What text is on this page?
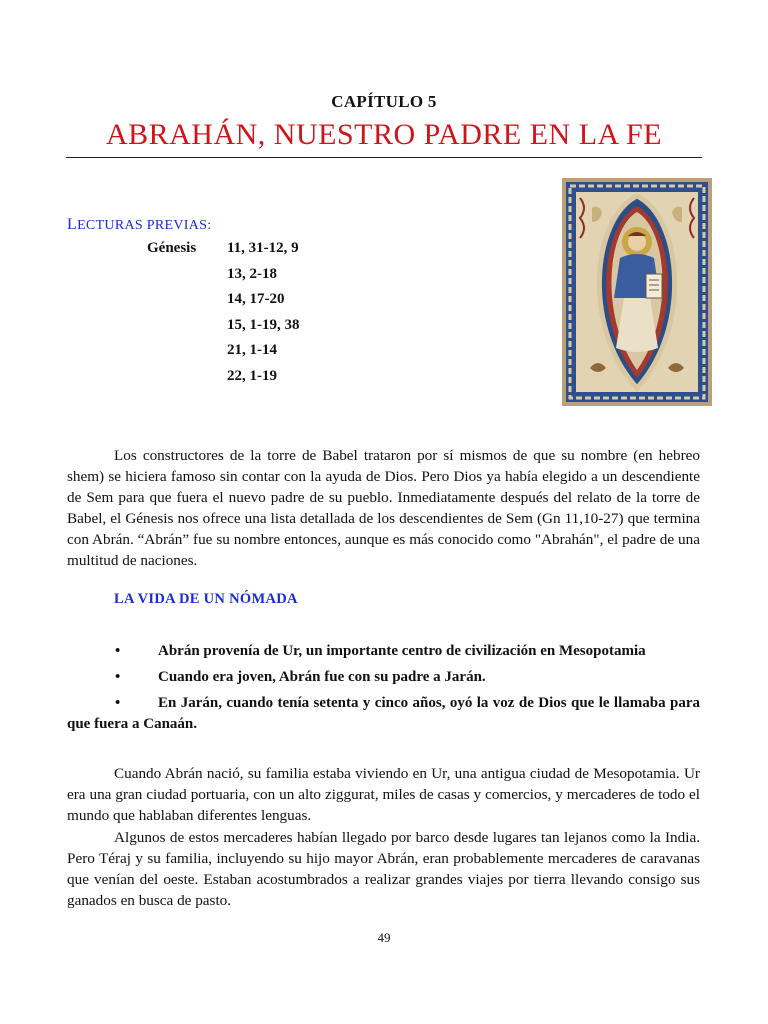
CAPÍTULO 5
ABRAHÁN, NUESTRO PADRE EN LA FE
LECTURAS PREVIAS:
Génesis 11, 31-12, 9
13, 2-18
14, 17-20
15, 1-19, 38
21, 1-14
22, 1-19

Los constructores de la torre de Babel trataron por sí mismos de que su nombre (en hebreo shem) se hiciera famoso sin contar con la ayuda de Dios. Pero Dios ya había elegido a un descendiente de Sem para que fuera el nuevo padre de su pueblo. Inmediatamente después del relato de la torre de Babel, el Génesis nos ofrece una lista detallada de los descendientes de Sem (Gn 11,10-27) que termina con Abrán. “Abrán” fue su nombre entonces, aunque es más conocido como "Abrahán", el padre de una multitud de naciones.

LA VIDA DE UN NÓMADA
•	Abrán provenía de Ur, un importante centro de civilización en Mesopotamia
•	Cuando era joven, Abrán fue con su padre a Jarán.
•	En Jarán, cuando tenía setenta y cinco años, oyó la voz de Dios que le llamaba para que fuera a Canaán.

Cuando Abrán nació, su familia estaba viviendo en Ur, una antigua ciudad de Mesopotamia. Ur era una gran ciudad portuaria, con un alto ziggurat, miles de casas y comercios, y mercaderes de todo el mundo que hablaban diferentes lenguas.

Algunos de estos mercaderes habían llegado por barco desde lugares tan lejanos como la India. Pero Téraj y su familia, incluyendo su hijo mayor Abrán, eran probablemente mercaderes de caravanas que venían del oeste. Estaban acostumbrados a realizar grandes viajes por tierra llevando consigo sus ganados en busca de pasto.

49
